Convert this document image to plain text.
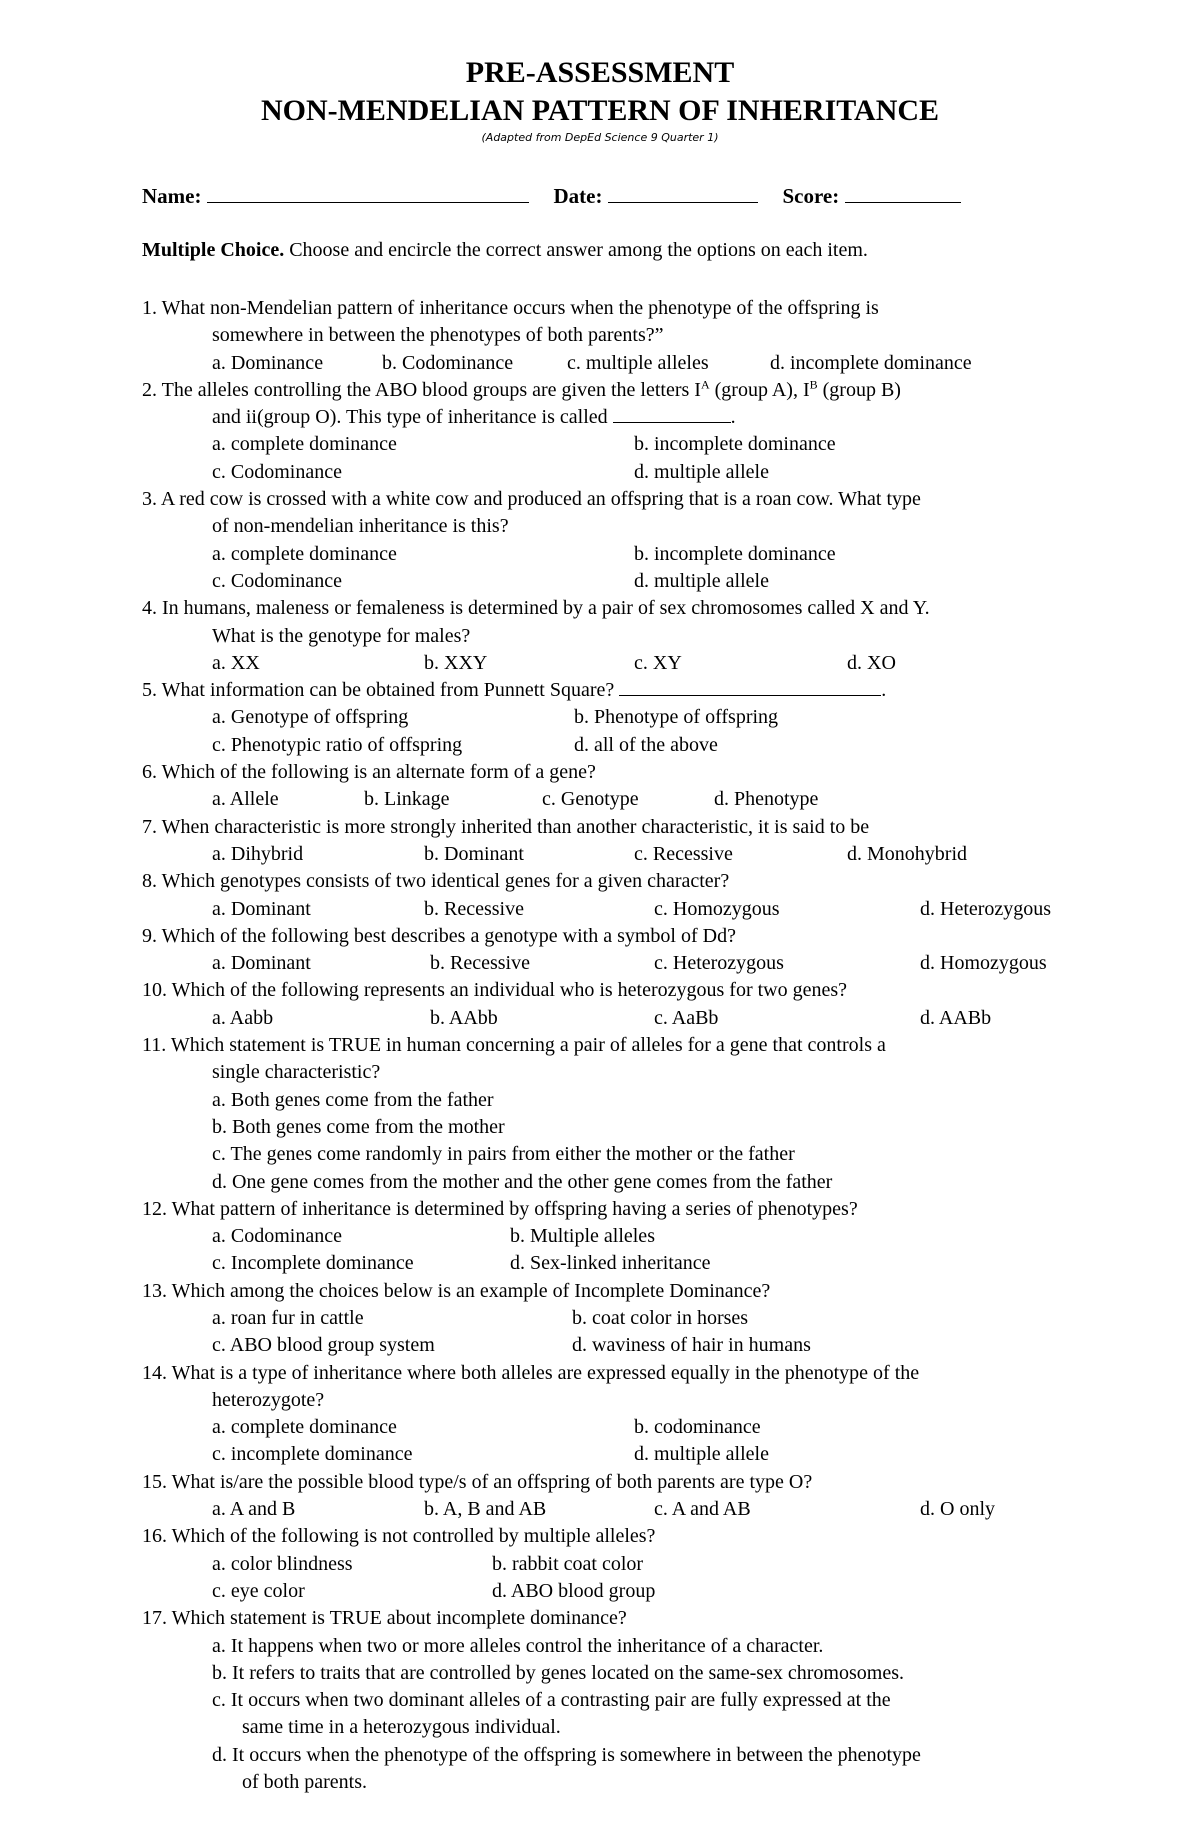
PRE-ASSESSMENT
NON-MENDELIAN PATTERN OF INHERITANCE
(Adapted from DepEd Science 9 Quarter 1)
Name:	Date:	Score:
Multiple Choice. Choose and encircle the correct answer among the options on each item.
1. What non-Mendelian pattern of inheritance occurs when the phenotype of the offspring is
somewhere in between the phenotypes of both parents?”
a. Dominance	b. Codominance	c. multiple alleles	d. incomplete dominance
2. The alleles controlling the ABO blood groups are given the letters $I^A$ (group A), $I^B$ (group B)
and ii(group O). This type of inheritance is called	.
a. complete dominance	b. incomplete dominance
c. Codominance	d. multiple allele
3. A red cow is crossed with a white cow and produced an offspring that is a roan cow. What type
of non-mendelian inheritance is this?
a. complete dominance	b. incomplete dominance
c. Codominance	d. multiple allele
4. In humans, maleness or femaleness is determined by a pair of sex chromosomes called X and Y.
What is the genotype for males?
a. XX	b. XXY	c. XY	d. XO
5. What information can be obtained from Punnett Square?	.
a. Genotype of offspring	b. Phenotype of offspring
c. Phenotypic ratio of offspring	d. all of the above
6. Which of the following is an alternate form of a gene?
a. Allele	b. Linkage	c. Genotype	d. Phenotype
7. When characteristic is more strongly inherited than another characteristic, it is said to be
a. Dihybrid	b. Dominant	c. Recessive	d. Monohybrid
8. Which genotypes consists of two identical genes for a given character?
a. Dominant	b. Recessive	c. Homozygous	d. Heterozygous
9. Which of the following best describes a genotype with a symbol of Dd?
a. Dominant	b. Recessive	c. Heterozygous	d. Homozygous
10. Which of the following represents an individual who is heterozygous for two genes?
a. Aabb	b. AAbb	c. AaBb	d. AABb
11. Which statement is TRUE in human concerning a pair of alleles for a gene that controls a
single characteristic?
a. Both genes come from the father
b. Both genes come from the mother
c. The genes come randomly in pairs from either the mother or the father
d. One gene comes from the mother and the other gene comes from the father
12. What pattern of inheritance is determined by offspring having a series of phenotypes?
a. Codominance	b. Multiple alleles
c. Incomplete dominance	d. Sex-linked inheritance
13. Which among the choices below is an example of Incomplete Dominance?
a. roan fur in cattle	b. coat color in horses
c. ABO blood group system	d. waviness of hair in humans
14. What is a type of inheritance where both alleles are expressed equally in the phenotype of the
heterozygote?
a. complete dominance	b. codominance
c. incomplete dominance	d. multiple allele
15. What is/are the possible blood type/s of an offspring of both parents are type O?
a. A and B	b. A, B and AB	c. A and AB	d. O only
16. Which of the following is not controlled by multiple alleles?
a. color blindness	b. rabbit coat color
c. eye color	d. ABO blood group
17. Which statement is TRUE about incomplete dominance?
a. It happens when two or more alleles control the inheritance of a character.
b. It refers to traits that are controlled by genes located on the same-sex chromosomes.
c. It occurs when two dominant alleles of a contrasting pair are fully expressed at the
same time in a heterozygous individual.
d. It occurs when the phenotype of the offspring is somewhere in between the phenotype
of both parents.
